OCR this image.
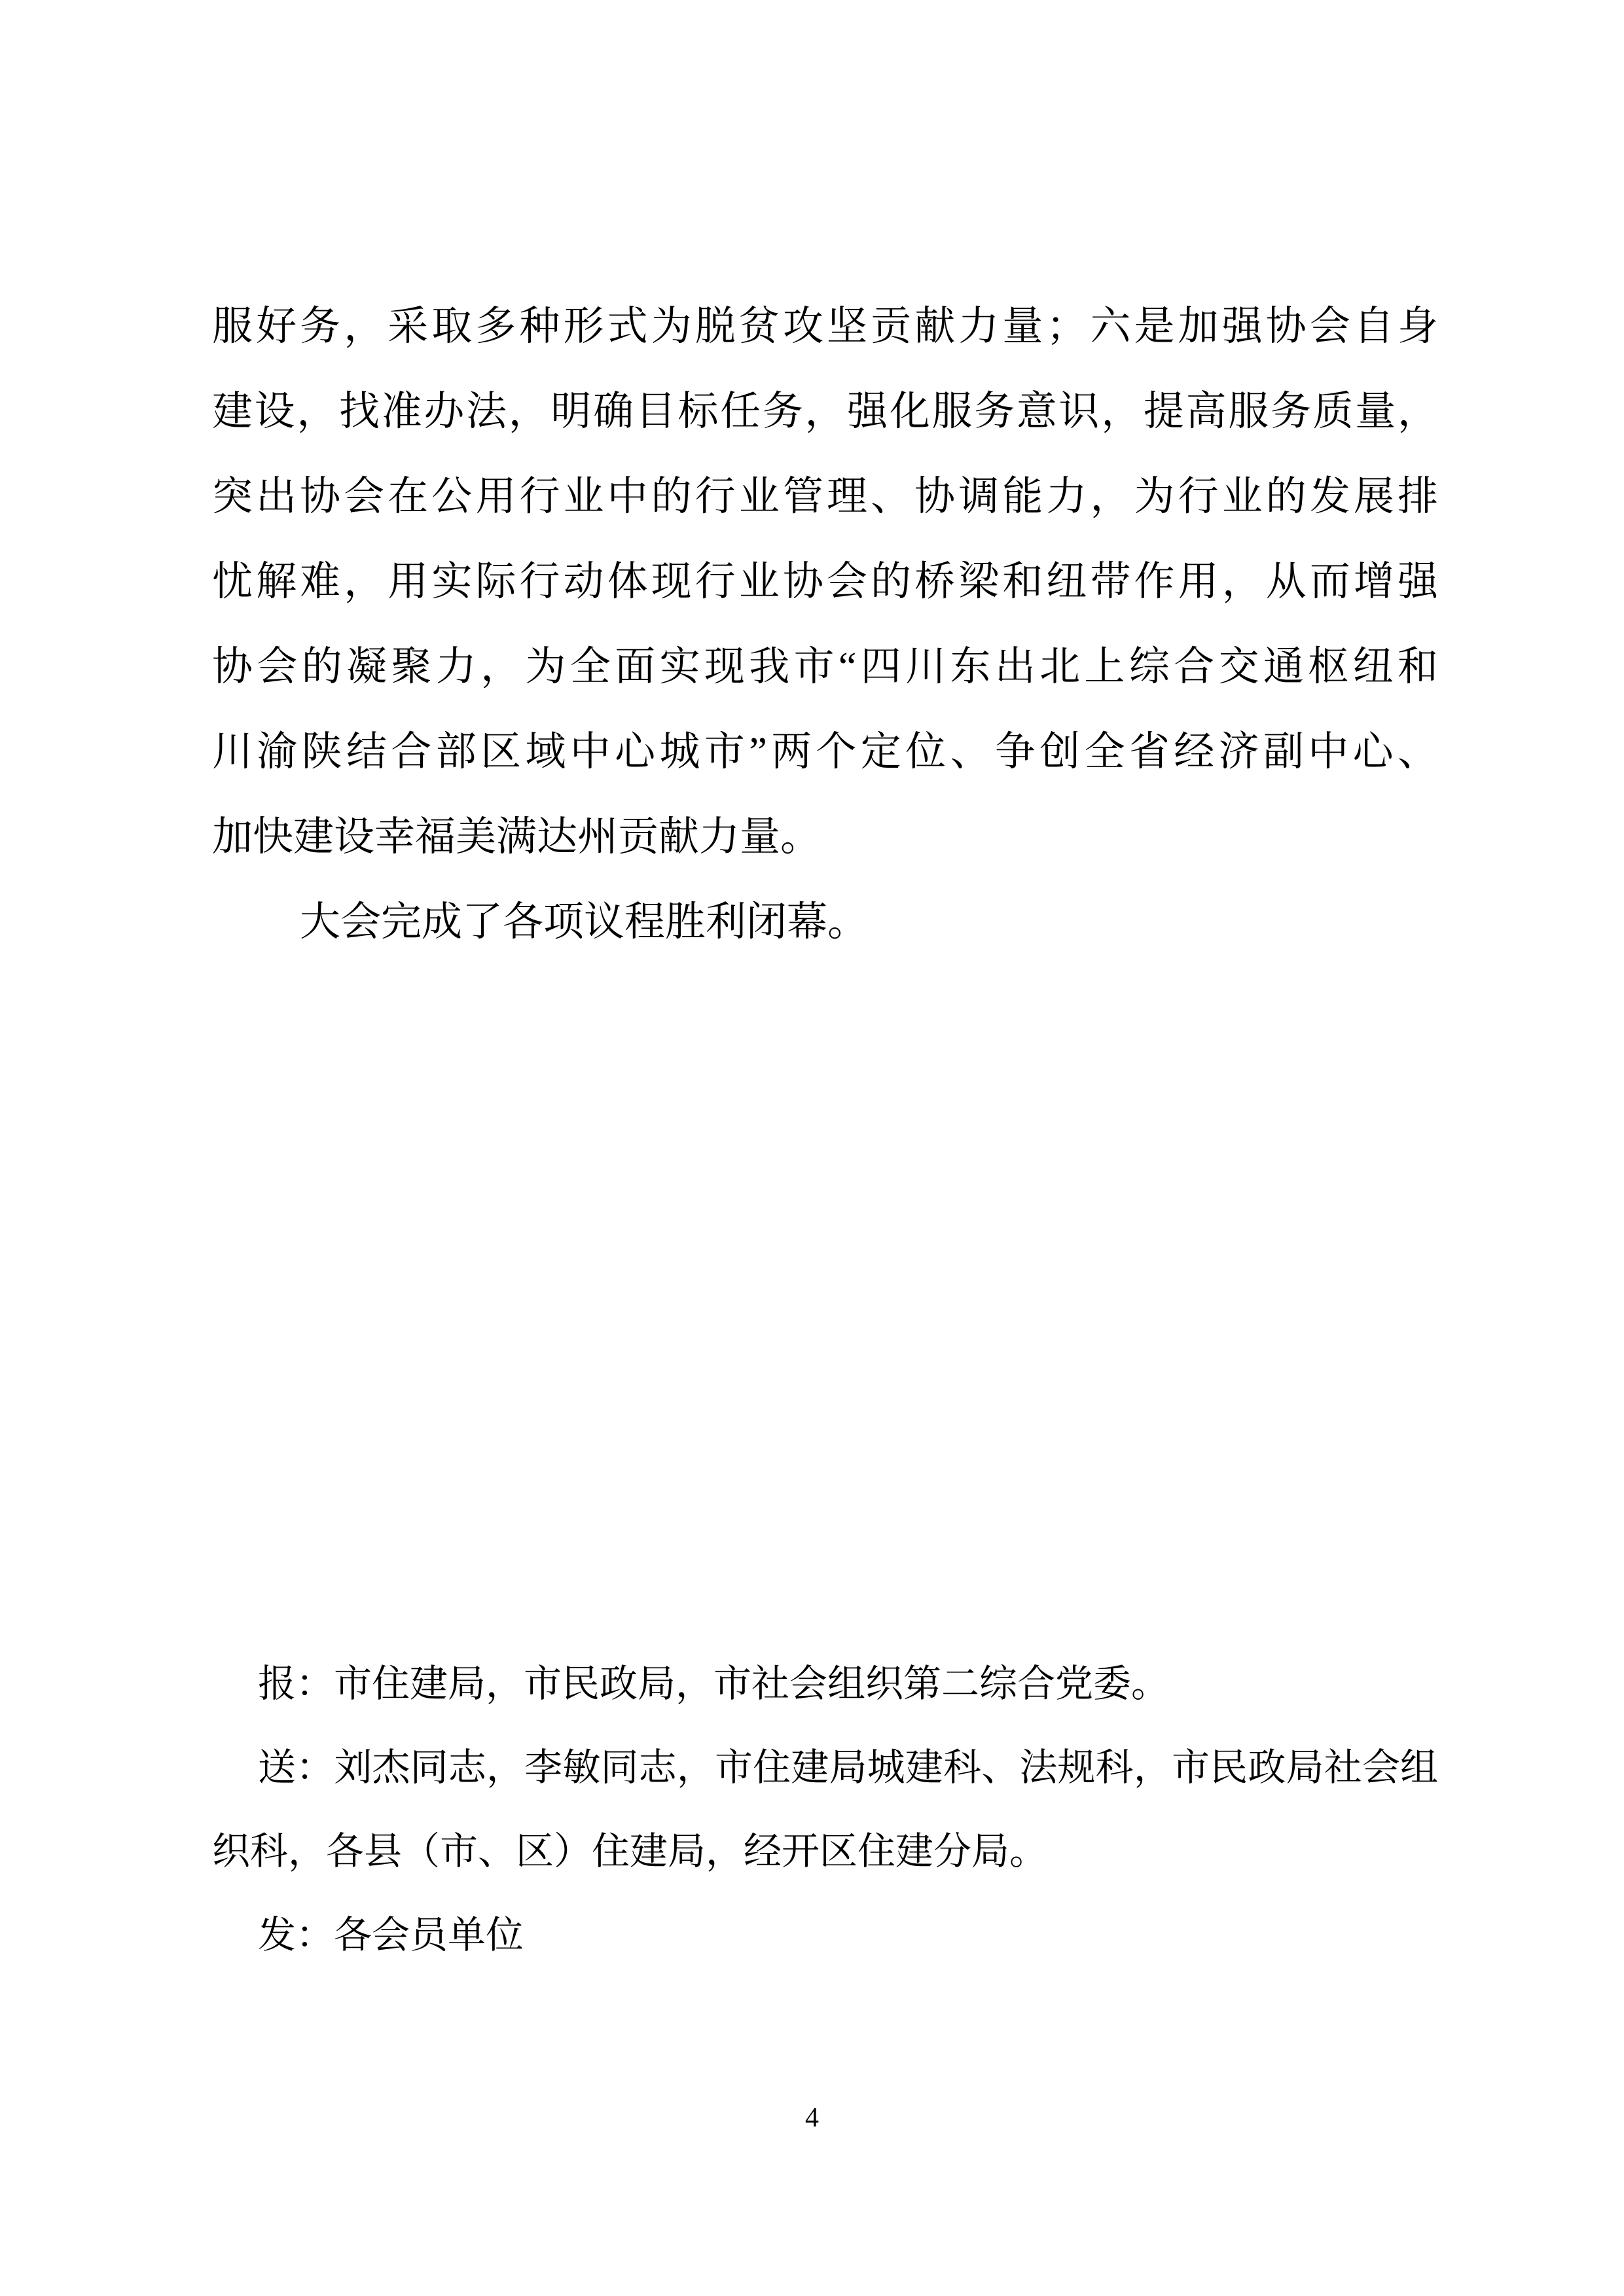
服好务，采取多种形式为脱贫攻坚贡献力量；六是加强协会自身
建设，找准办法，明确目标任务，强化服务意识，提高服务质量，
突出协会在公用行业中的行业管理、协调能力，为行业的发展排
忧解难，用实际行动体现行业协会的桥梁和纽带作用，从而增强
协会的凝聚力，为全面实现我市“四川东出北上综合交通枢纽和
川渝陕结合部区域中心城市”两个定位、争创全省经济副中心、
加快建设幸福美满达州贡献力量。
大会完成了各项议程胜利闭幕。
报：市住建局，市民政局，市社会组织第二综合党委。
送：刘杰同志，李敏同志，市住建局城建科、法规科，市民政局社会组
织科，各县（市、区）住建局，经开区住建分局。
发：各会员单位
4
